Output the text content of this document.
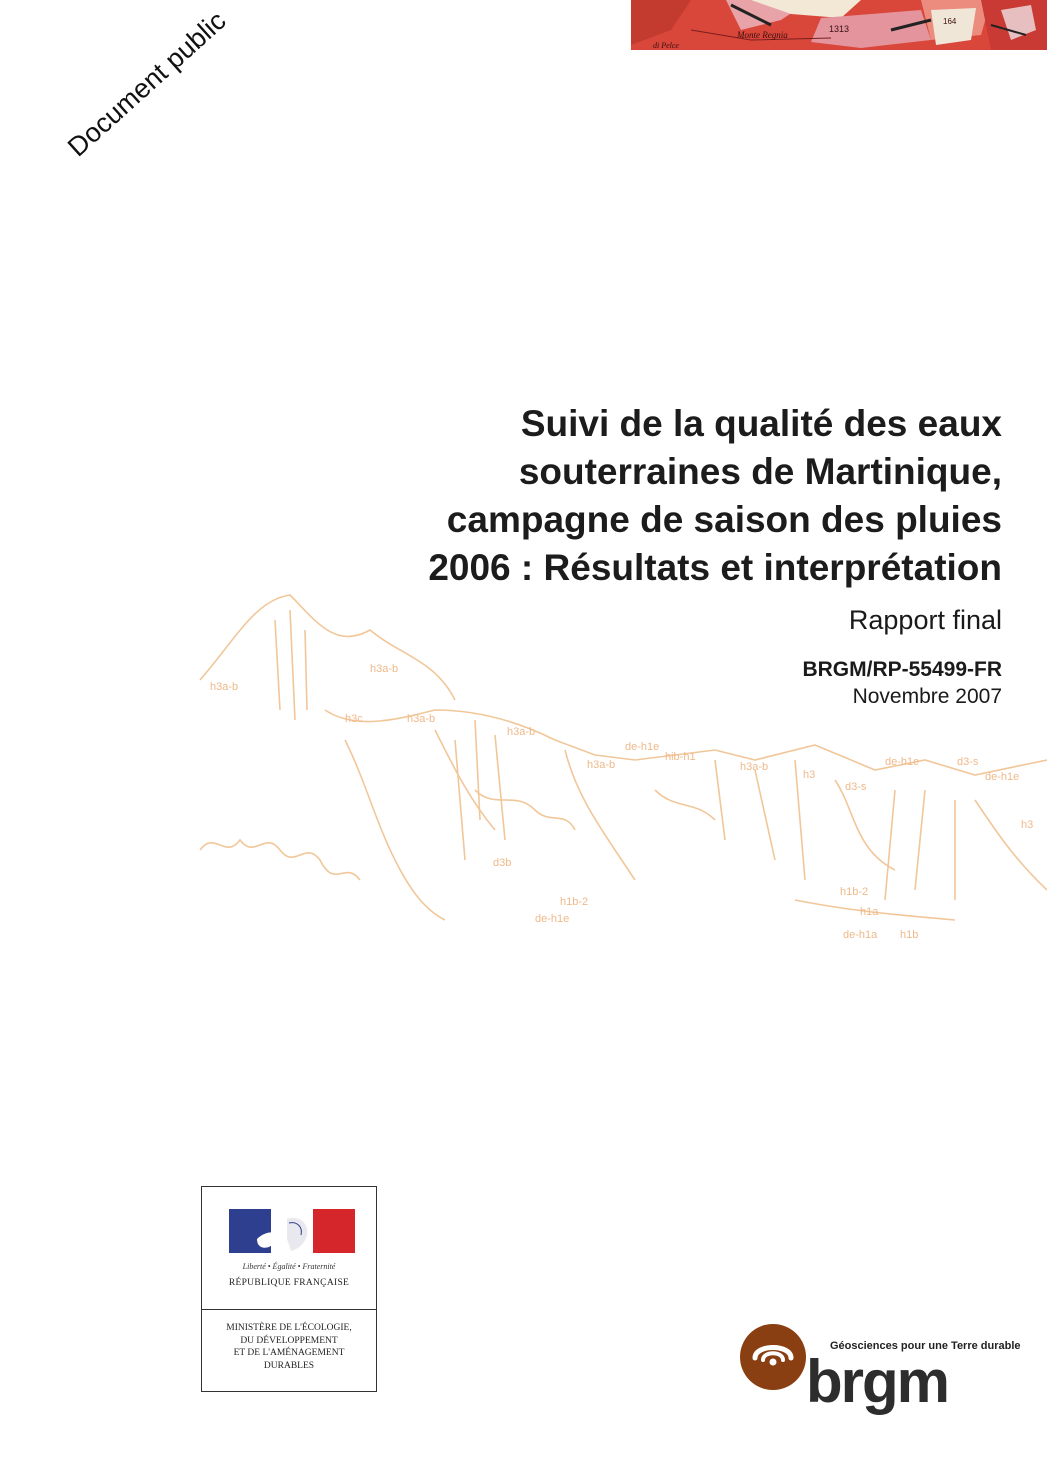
Monte Regnia
1313
di Pelce
164
Document public
h3a-b
h3a-b
h3c	h3a-b
h3a-b
de-h1e
h3a-b
hib-h1
h3a-b
h3
d3-s
de-h1e	d3-s
de-h1e
d3b
h1b-2
de-h1e
h1b-2
h1a
de-h1a h1b
h3
Suivi de la qualité des eaux
souterraines de Martinique,
campagne de saison des pluies
2006 : Résultats et interprétation
Rapport final
BRGM/RP-55499-FR
Novembre 2007
Liberté • Égalité • Fraternité
RÉPUBLIQUE FRANÇAISE
MINISTÈRE DE L'ÉCOLOGIE,
DU DÉVELOPPEMENT
ET DE L'AMÉNAGEMENT
DURABLES
Géosciences pour une Terre durable
brgm
